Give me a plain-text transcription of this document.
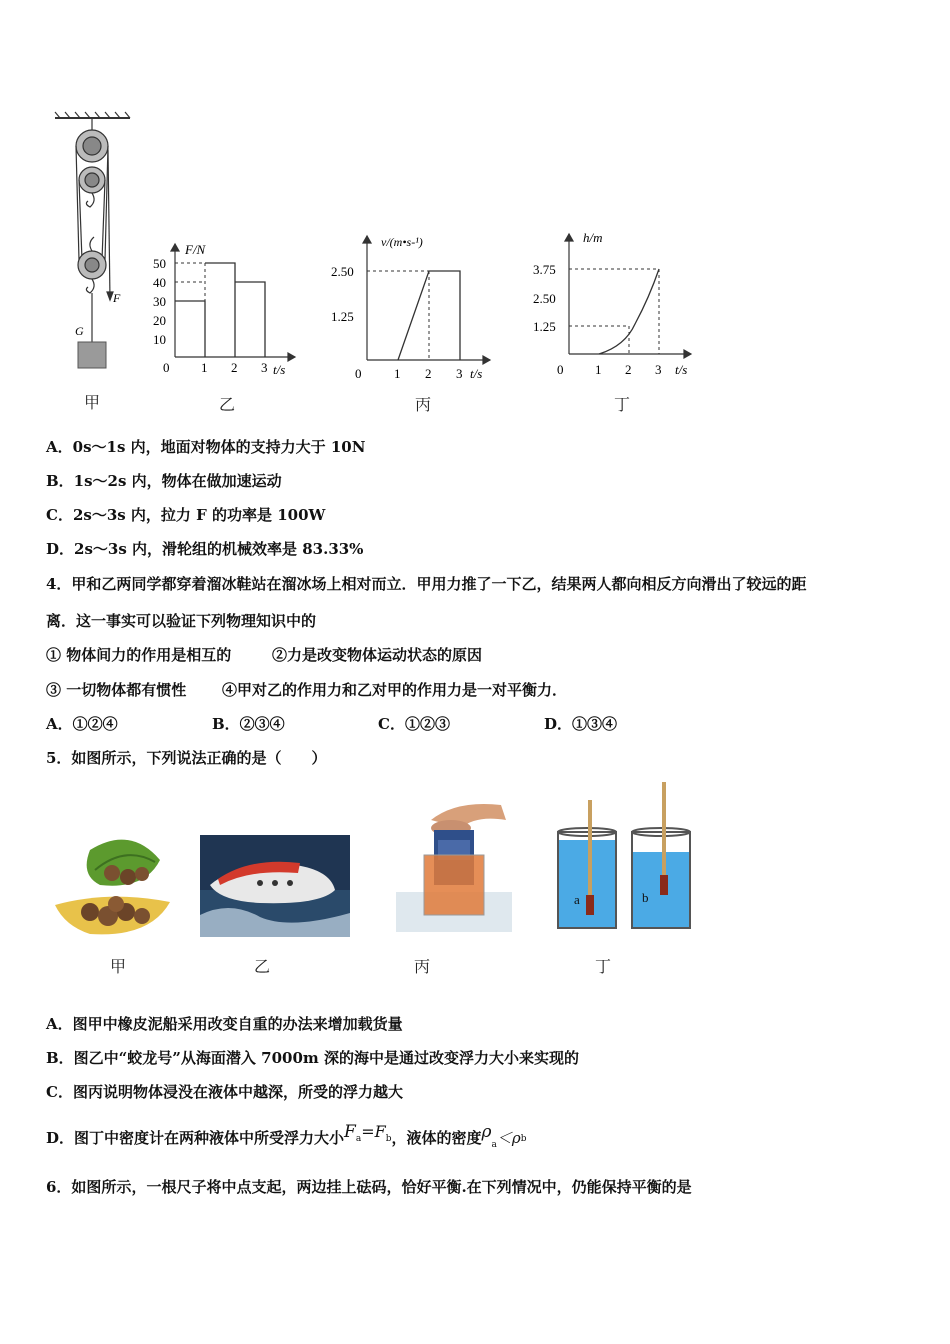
F
G
F/N
t/s
50
40
30
20
10
0 1 2 3
v/(m•s-¹)
t/s
2.50
1.25
0	1 2 3
h/m
t/s
3.75
2.50
1.25
0 1 2 3
甲	乙	丙	丁
A．0s～1s 内，地面对物体的支持力大于 10N
B．1s～2s 内，物体在做加速运动
C．2s～3s 内，拉力 F 的功率是 100W
D．2s～3s 内，滑轮组的机械效率是 83.33%
4．甲和乙两同学都穿着溜冰鞋站在溜冰场上相对而立．甲用力推了一下乙，结果两人都向相反方向滑出了较远的距
离．这一事实可以验证下列物理知识中的
① 物体间力的作用是相互的	②力是改变物体运动状态的原因
③ 一切物体都有惯性 ④甲对乙的作用力和乙对甲的作用力是一对平衡力．
A．①②④	B．②③④	C．①②③	D．①③④
5．如图所示，下列说法正确的是（　　）
a	b
甲	乙	丙	丁
A．图甲中橡皮泥船采用改变自重的办法来增加载货量
B．图乙中“蛟龙号”从海面潜入 7000m 深的海中是通过改变浮力大小来实现的
C．图丙说明物体浸没在液体中越深，所受的浮力越大
D．图丁中密度计在两种液体中所受浮力大小$F_a=F_b$，液体的密度$\rho_a<\rho_b$
6．如图所示，一根尺子将中点支起，两边挂上砝码，恰好平衡.在下列情况中，仍能保持平衡的是
